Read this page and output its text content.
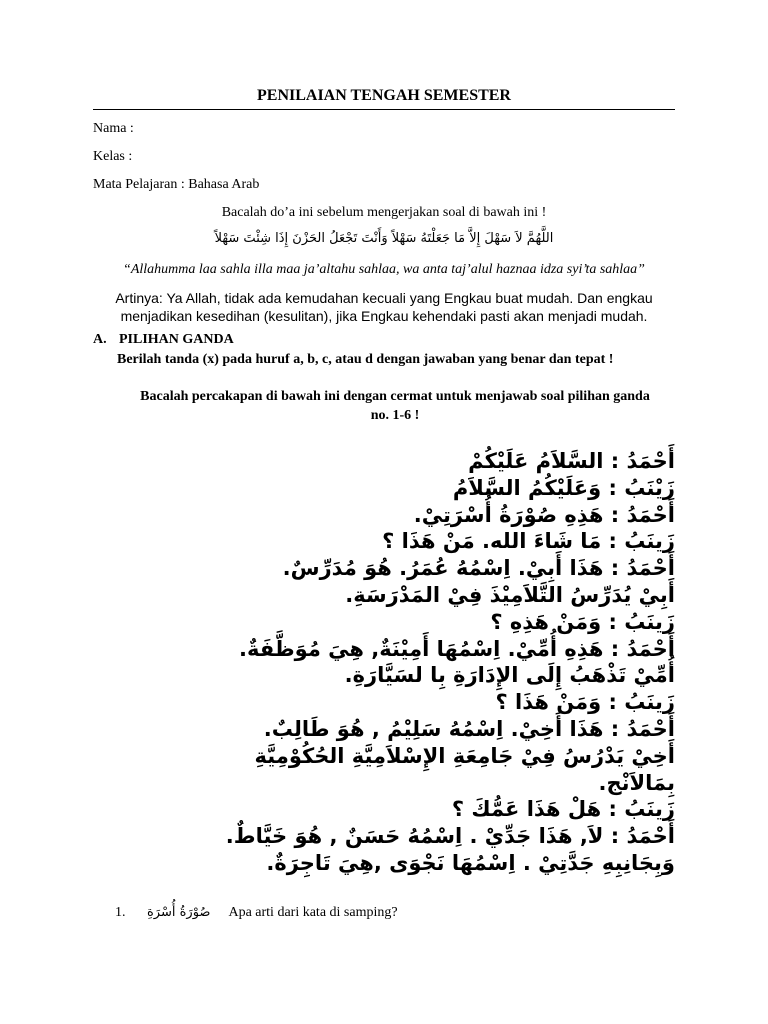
PENILAIAN TENGAH SEMESTER
Nama :
Kelas :
Mata Pelajaran : Bahasa Arab
Bacalah do’a ini sebelum mengerjakan soal di bawah ini !
اللَّهُمَّ لاَ سَهْلَ إِلاَّ مَا جَعَلْتَهُ سَهْلاً وَأَنْتَ تَجْعَلُ الحَزْنَ إِذَا شِئْتَ سَهْلاً
“Allahumma laa sahla illa maa ja’altahu sahlaa, wa anta taj’alul haznaa idza syi’ta sahlaa”
Artinya: Ya Allah, tidak ada kemudahan kecuali yang Engkau buat mudah. Dan engkau menjadikan kesedihan (kesulitan), jika Engkau kehendaki pasti akan menjadi mudah.
A. PILIHAN GANDA
Berilah tanda (x) pada huruf a, b, c, atau d dengan jawaban yang benar dan tepat !
Bacalah percakapan di bawah ini dengan cermat untuk menjawab soal pilihan ganda no. 1-6 !
أَحْمَدُ : السَّلاَمُ عَلَيْكُمْ
زَيْنَبُ : وَعَلَيْكُمُ السَّلاَمُ
أَحْمَدُ : هَذِهِ صُوْرَةُ أُسْرَتِيْ.
زَينَبُ : مَا شَاءَ الله. مَنْ هَذَا ؟
أَحْمَدُ : هَذَا أَبِيْ. اِسْمُهُ عُمَرُ. هُوَ مُدَرِّسٌ.
أَبِيْ يُدَرِّسُ التَّلاَمِيْذَ فِيْ المَدْرَسَةِ.
زَينَبُ : وَمَنْ هَذِهِ ؟
أَحْمَدُ : هَذِهِ أُمِّيْ. اِسْمُهَا أَمِيْنَةٌ, هِيَ مُوَظَّفَةٌ.
أُمِّيْ تَذْهَبُ إِلَى الإِدَارَةِ بِا لسَيَّارَةِ.
زَينَبُ : وَمَنْ هَذَا ؟
أَحْمَدُ : هَذَا أَخِيْ. اِسْمُهُ سَلِيْمُ , هُوَ طَالِبٌ.
أَخِيْ يَدْرُسُ فِيْ جَامِعَةِ الإِسْلاَمِيَّةِ الحُكُوْمِيَّةِ
بِمَالاَنْج.
زَينَبُ : هَلْ هَذَا عَمُّكَ ؟
أَحْمَدُ : لاَ, هَذَا جَدِّيْ . اِسْمُهُ حَسَنٌ , هُوَ خَيَّاطٌ.
وَبِجَانِبِهِ جَدَّتِيْ . اِسْمُهَا نَجْوَى ,هِيَ تَاجِرَةٌ.
1. صُوْرَةُ أُسْرَةِ Apa arti dari kata di samping?
